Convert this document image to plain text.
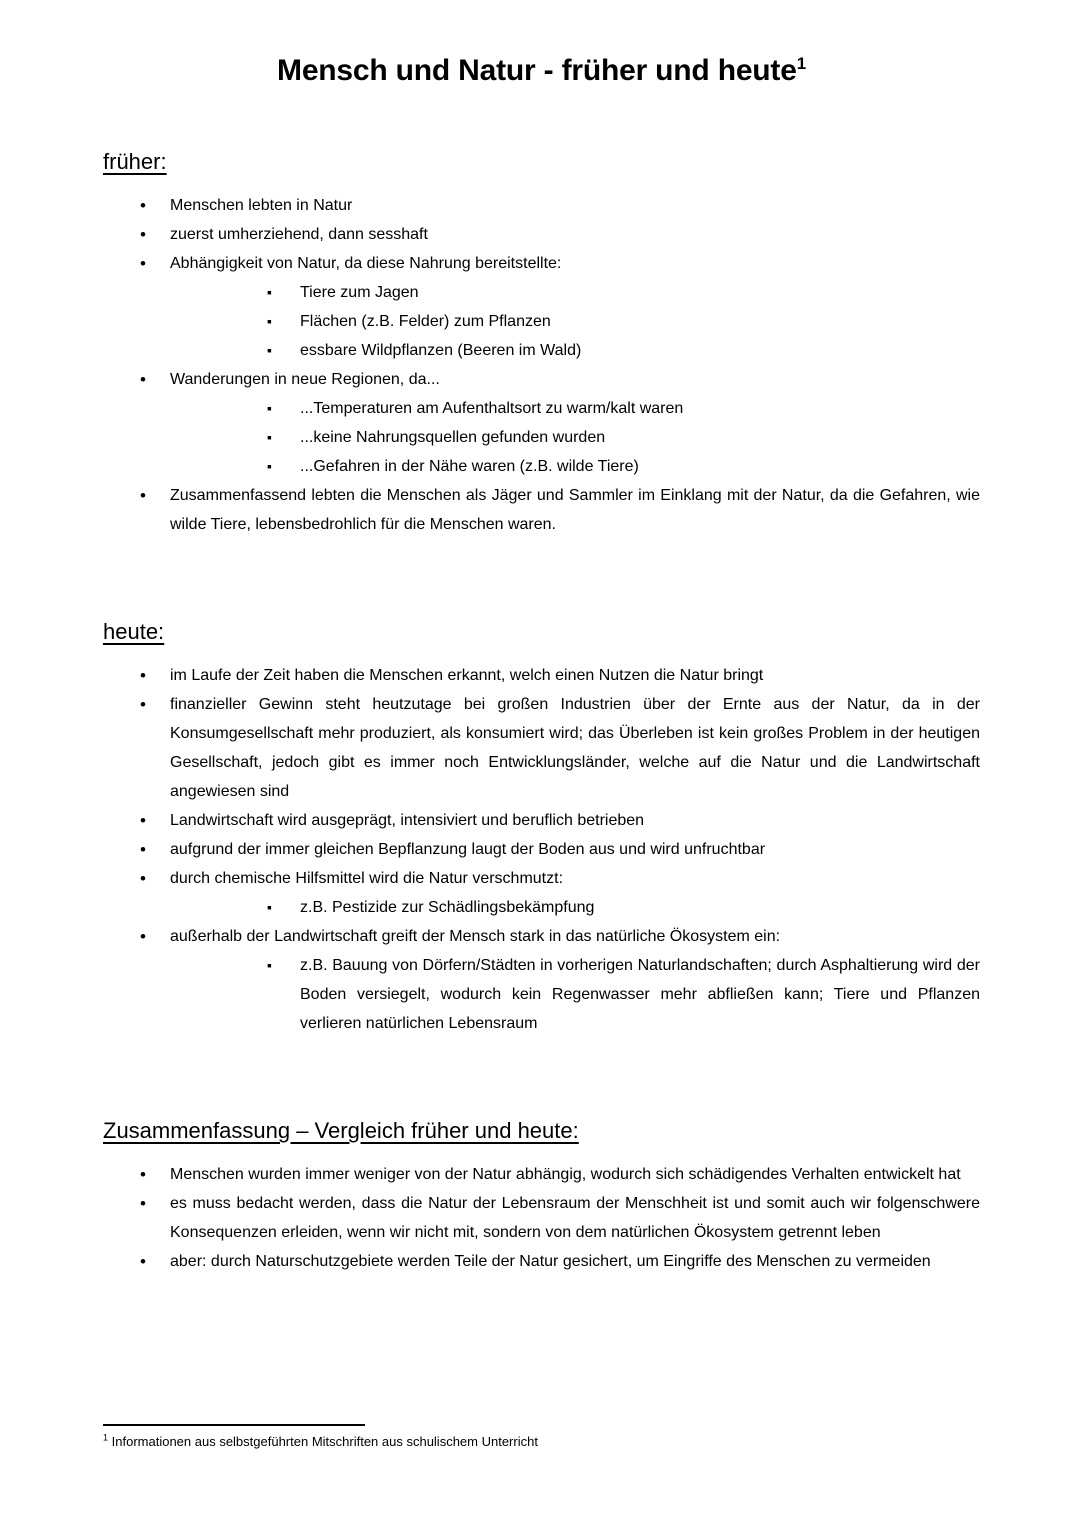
Mensch und Natur - früher und heute$^1$
früher:
•	Menschen lebten in Natur
•	zuerst umherziehend, dann sesshaft
•	Abhängigkeit von Natur, da diese Nahrung bereitstellte:
▪	Tiere zum Jagen
▪	Flächen (z.B. Felder) zum Pflanzen
▪	essbare Wildpflanzen (Beeren im Wald)
•	Wanderungen in neue Regionen, da...
▪	...Temperaturen am Aufenthaltsort zu warm/kalt waren
▪	...keine Nahrungsquellen gefunden wurden
▪	...Gefahren in der Nähe waren (z.B. wilde Tiere)
•	Zusammenfassend lebten die Menschen als Jäger und Sammler im Einklang mit der Natur, da die Gefahren, wie wilde Tiere, lebensbedrohlich für die Menschen waren.
heute:
•	im Laufe der Zeit haben die Menschen erkannt, welch einen Nutzen die Natur bringt
•	finanzieller Gewinn steht heutzutage bei großen Industrien über der Ernte aus der Natur, da in der Konsumgesellschaft mehr produziert, als konsumiert wird; das Überleben ist kein großes Problem in der heutigen Gesellschaft, jedoch gibt es immer noch Entwicklungsländer, welche auf die Natur und die Landwirtschaft angewiesen sind
•	Landwirtschaft wird ausgeprägt, intensiviert und beruflich betrieben
•	aufgrund der immer gleichen Bepflanzung laugt der Boden aus und wird unfruchtbar
•	durch chemische Hilfsmittel wird die Natur verschmutzt:
▪	z.B. Pestizide zur Schädlingsbekämpfung
•	außerhalb der Landwirtschaft greift der Mensch stark in das natürliche Ökosystem ein:
▪	z.B. Bauung von Dörfern/Städten in vorherigen Naturlandschaften; durch Asphaltierung wird der Boden versiegelt, wodurch kein Regenwasser mehr abfließen kann; Tiere und Pflanzen verlieren natürlichen Lebensraum
Zusammenfassung – Vergleich früher und heute:
•	Menschen wurden immer weniger von der Natur abhängig, wodurch sich schädigendes Verhalten entwickelt hat
•	es muss bedacht werden, dass die Natur der Lebensraum der Menschheit ist und somit auch wir folgenschwere Konsequenzen erleiden, wenn wir nicht mit, sondern von dem natürlichen Ökosystem getrennt leben
•	aber: durch Naturschutzgebiete werden Teile der Natur gesichert, um Eingriffe des Menschen zu vermeiden
$^1$ Informationen aus selbstgeführten Mitschriften aus schulischem Unterricht
